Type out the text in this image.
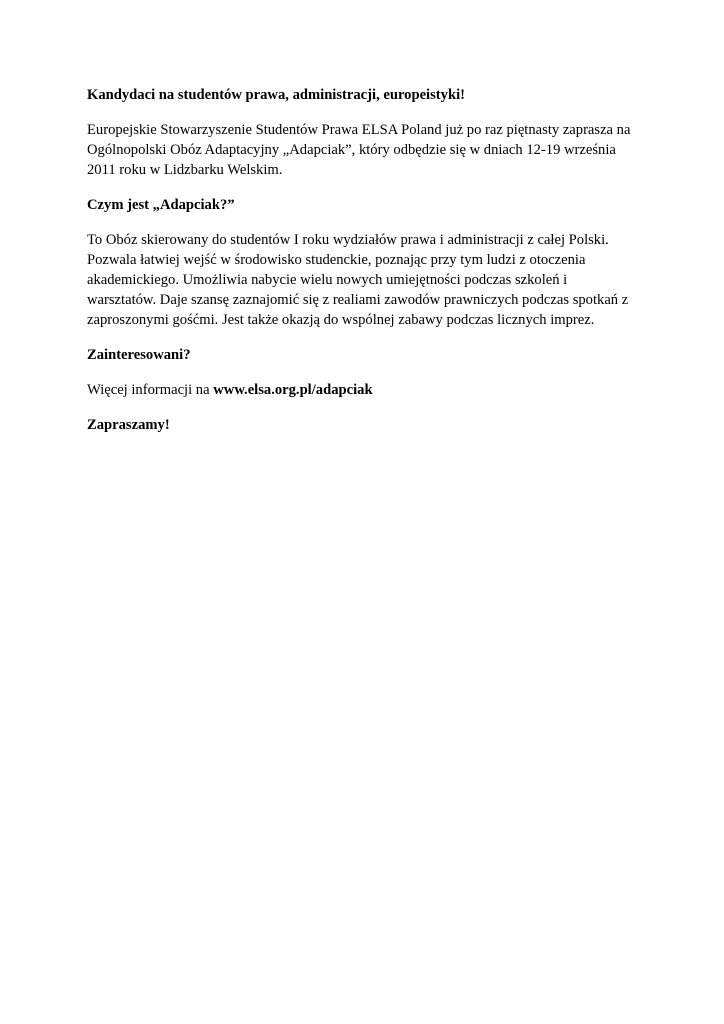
Kandydaci na studentów prawa, administracji, europeistyki!

Europejskie Stowarzyszenie Studentów Prawa ELSA Poland już po raz piętnasty zaprasza na

Ogólnopolski Obóz Adaptacyjny „Adapciak”, który odbędzie się w dniach 12-19 września

2011 roku w Lidzbarku Welskim.

Czym jest „Adapciak?”

To Obóz skierowany do studentów I roku wydziałów prawa i administracji z całej Polski.

Pozwala łatwiej wejść w środowisko studenckie, poznając przy tym ludzi z otoczenia

akademickiego. Umożliwia nabycie wielu nowych umiejętności podczas szkoleń i

warsztatów. Daje szansę zaznajomić się z realiami zawodów prawniczych podczas spotkań z

zaproszonymi gośćmi. Jest także okazją do wspólnej zabawy podczas licznych imprez.

Zainteresowani?

Więcej informacji na www.elsa.org.pl/adapciak

Zapraszamy!
